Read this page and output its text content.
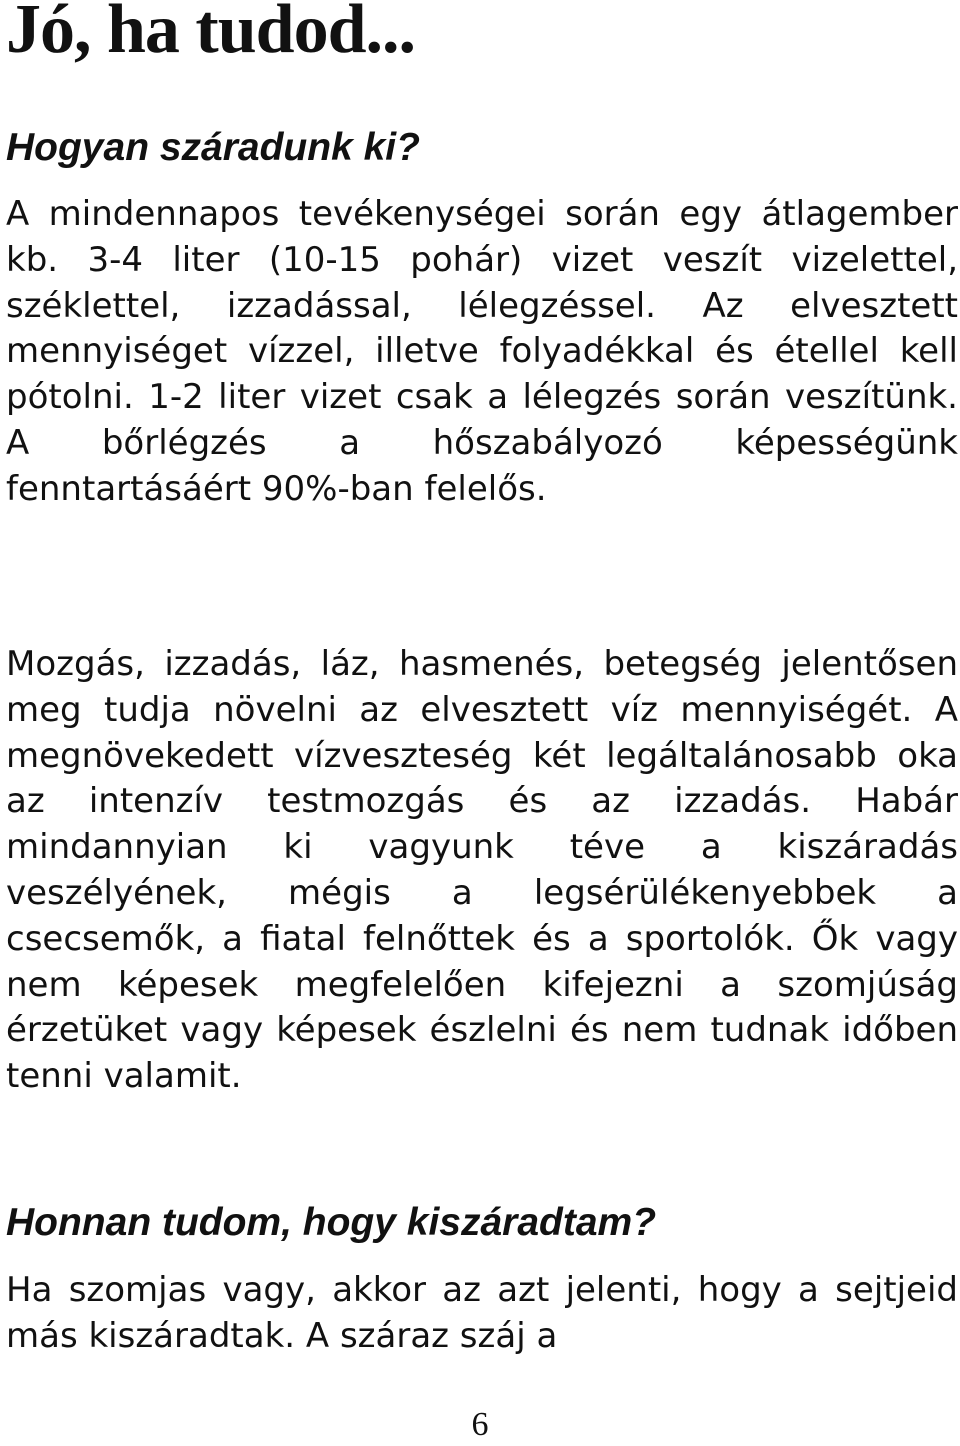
Jó, ha tudod...
Hogyan száradunk ki?

A mindennapos tevékenységei során egy átlagember kb. 3-4 liter (10-15 pohár) vizet veszít vizelettel, széklettel, izzadással, lélegzéssel. Az elvesztett mennyiséget vízzel, illetve folyadékkal és étellel kell pótolni. 1-2 liter vizet csak a lélegzés során veszítünk. A bőrlégzés a hőszabályozó képességünk fenntartásáért 90%-ban felelős.

Mozgás, izzadás, láz, hasmenés, betegség jelentősen meg tudja növelni az elvesztett víz mennyiségét. A megnövekedett vízveszteség két legáltalánosabb oka az intenzív testmozgás és az izzadás. Habár mindannyian ki vagyunk téve a kiszáradás veszélyének, mégis a legsérülékenyebbek a csecsemők, a fiatal felnőttek és a sportolók. Ők vagy nem képesek megfelelően kifejezni a szomjúság érzetüket vagy képesek észlelni és nem tudnak időben tenni valamit.

Honnan tudom, hogy kiszáradtam?

Ha szomjas vagy, akkor az azt jelenti, hogy a sejtjeid más kiszáradtak. A száraz száj a

6
